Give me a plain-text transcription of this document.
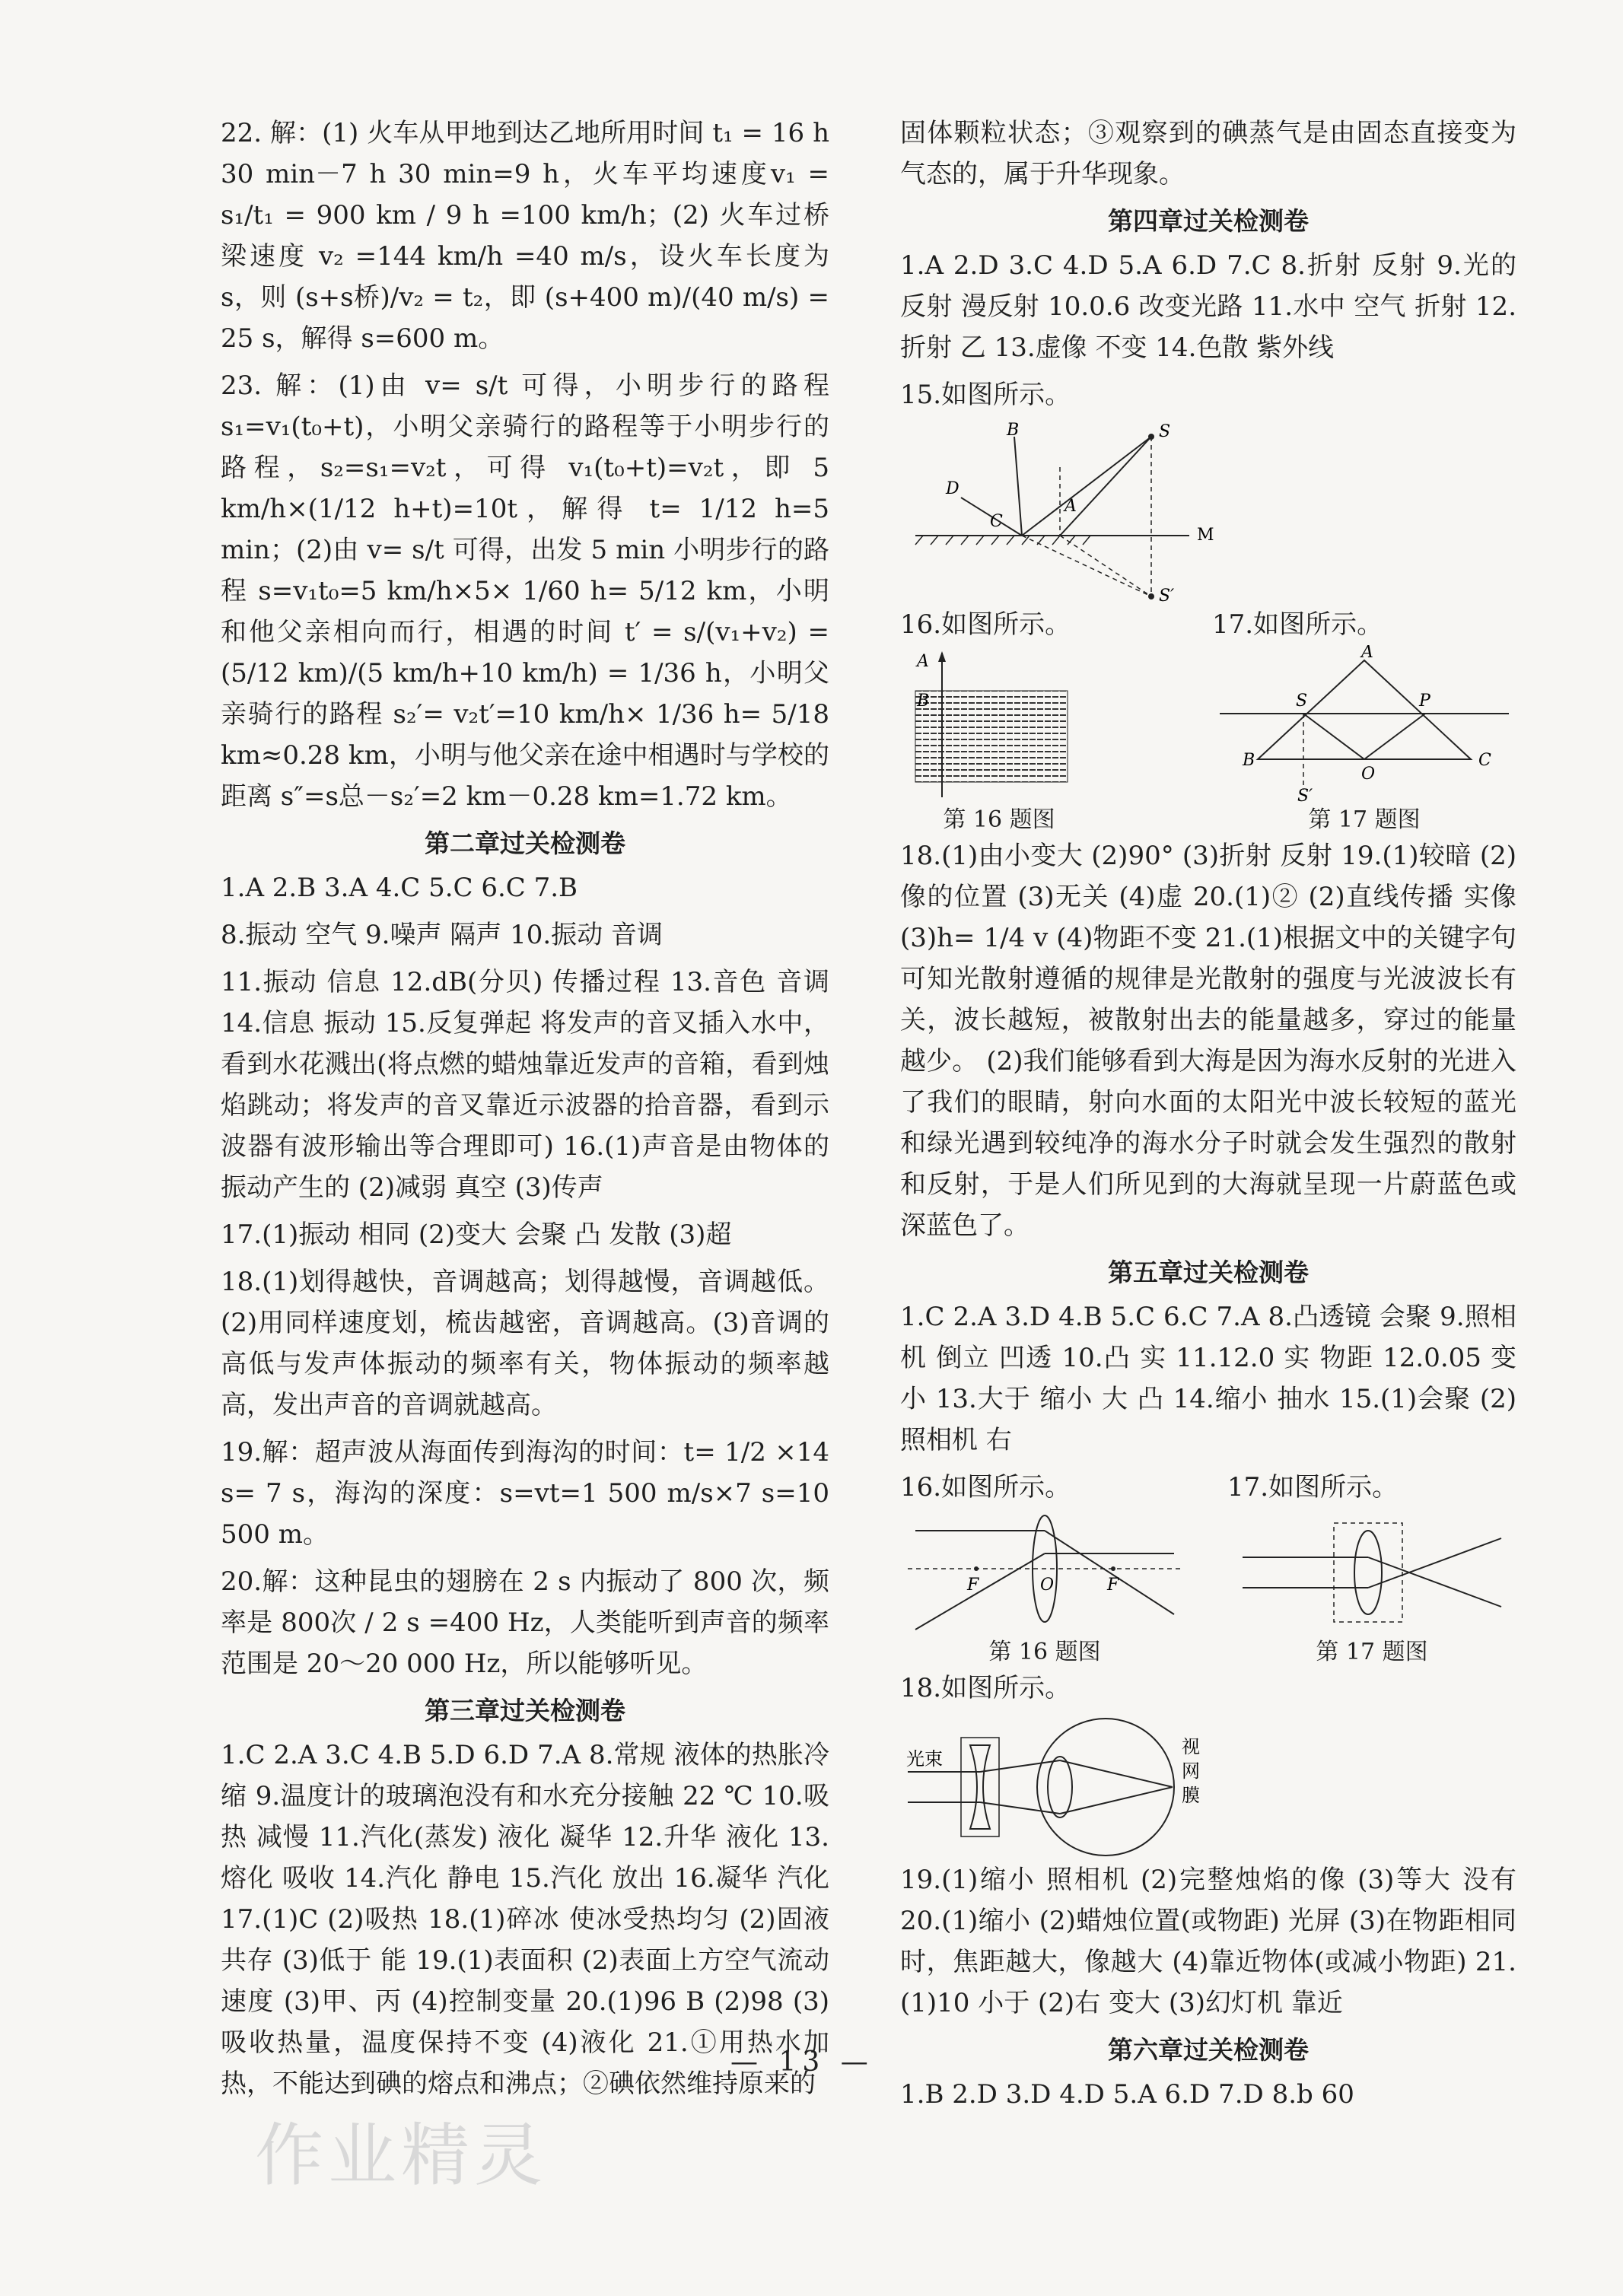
22. 解：(1) 火车从甲地到达乙地所用时间 t₁ = 16 h 30 min－7 h 30 min=9 h，火车平均速度v₁ = s₁/t₁ = 900 km / 9 h =100 km/h；(2) 火车过桥梁速度 v₂ =144 km/h =40 m/s，设火车长度为 s，则 (s+s桥)/v₂ = t₂，即 (s+400 m)/(40 m/s) = 25 s，解得 s=600 m。

23. 解：(1)由 v= s/t 可得，小明步行的路程 s₁=v₁(t₀+t)，小明父亲骑行的路程等于小明步行的路程，s₂=s₁=v₂t，可得 v₁(t₀+t)=v₂t，即 5 km/h×(1/12 h+t)=10t，解得 t= 1/12 h=5 min；(2)由 v= s/t 可得，出发 5 min 小明步行的路程 s=v₁t₀=5 km/h×5× 1/60 h= 5/12 km，小明和他父亲相向而行，相遇的时间 t′ = s/(v₁+v₂) = (5/12 km)/(5 km/h+10 km/h) = 1/36 h，小明父亲骑行的路程 s₂′= v₂t′=10 km/h× 1/36 h= 5/18 km≈0.28 km，小明与他父亲在途中相遇时与学校的距离 s″=s总－s₂′=2 km－0.28 km=1.72 km。

第二章过关检测卷

1.A 2.B 3.A 4.C 5.C 6.C 7.B

8.振动 空气 9.噪声 隔声 10.振动 音调

11.振动 信息 12.dB(分贝) 传播过程 13.音色 音调 14.信息 振动 15.反复弹起 将发声的音叉插入水中，看到水花溅出(将点燃的蜡烛靠近发声的音箱，看到烛焰跳动；将发声的音叉靠近示波器的拾音器，看到示波器有波形输出等合理即可) 16.(1)声音是由物体的振动产生的 (2)减弱 真空 (3)传声

17.(1)振动 相同 (2)变大 会聚 凸 发散 (3)超

18.(1)划得越快，音调越高；划得越慢，音调越低。(2)用同样速度划，梳齿越密，音调越高。(3)音调的高低与发声体振动的频率有关，物体振动的频率越高，发出声音的音调就越高。

19.解：超声波从海面传到海沟的时间：t= 1/2 ×14 s= 7 s，海沟的深度：s=vt=1 500 m/s×7 s=10 500 m。

20.解：这种昆虫的翅膀在 2 s 内振动了 800 次，频率是 800次 / 2 s =400 Hz，人类能听到声音的频率范围是 20～20 000 Hz，所以能够听见。

第三章过关检测卷

1.C 2.A 3.C 4.B 5.D 6.D 7.A 8.常规 液体的热胀冷缩 9.温度计的玻璃泡没有和水充分接触 22 ℃ 10.吸热 减慢 11.汽化(蒸发) 液化 凝华 12.升华 液化 13.熔化 吸收 14.汽化 静电 15.汽化 放出 16.凝华 汽化 17.(1)C (2)吸热 18.(1)碎冰 使冰受热均匀 (2)固液共存 (3)低于 能 19.(1)表面积 (2)表面上方空气流动速度 (3)甲、丙 (4)控制变量 20.(1)96 B (2)98 (3)吸收热量，温度保持不变 (4)液化 21.①用热水加热，不能达到碘的熔点和沸点；②碘依然维持原来的

固体颗粒状态；③观察到的碘蒸气是由固态直接变为气态的，属于升华现象。

第四章过关检测卷

1.A 2.D 3.C 4.D 5.A 6.D 7.C 8.折射 反射 9.光的反射 漫反射 10.0.6 改变光路 11.水中 空气 折射 12.折射 乙 13.虚像 不变 14.色散 紫外线

15.如图所示。

B	S
D
C
A
M
S′
16.如图所示。
A
B
第 16 题图
17.如图所示。
S
A
P
B	C
O
S′
第 17 题图

18.(1)由小变大 (2)90° (3)折射 反射 19.(1)较暗 (2)像的位置 (3)无关 (4)虚 20.(1)② (2)直线传播 实像 (3)h= 1/4 v (4)物距不变 21.(1)根据文中的关键字句可知光散射遵循的规律是光散射的强度与光波波长有关，波长越短，被散射出去的能量越多，穿过的能量越少。 (2)我们能够看到大海是因为海水反射的光进入了我们的眼睛，射向水面的太阳光中波长较短的蓝光和绿光遇到较纯净的海水分子时就会发生强烈的散射和反射，于是人们所见到的大海就呈现一片蔚蓝色或深蓝色了。

第五章过关检测卷

1.C 2.A 3.D 4.B 5.C 6.C 7.A 8.凸透镜 会聚 9.照相机 倒立 凹透 10.凸 实 11.12.0 实 物距 12.0.05 变小 13.大于 缩小 大 凸 14.缩小 抽水 15.(1)会聚 (2)照相机 右

16.如图所示。
F	O	F
17.如图所示。
第 16 题图	第 17 题图

18.如图所示。

光束
视
网
膜

19.(1)缩小 照相机 (2)完整烛焰的像 (3)等大 没有 20.(1)缩小 (2)蜡烛位置(或物距) 光屏 (3)在物距相同时，焦距越大，像越大 (4)靠近物体(或减小物距) 21.(1)10 小于 (2)右 变大 (3)幻灯机 靠近

第六章过关检测卷

1.B 2.D 3.D 4.D 5.A 6.D 7.D 8.b 60

— 13 —
作业精灵
